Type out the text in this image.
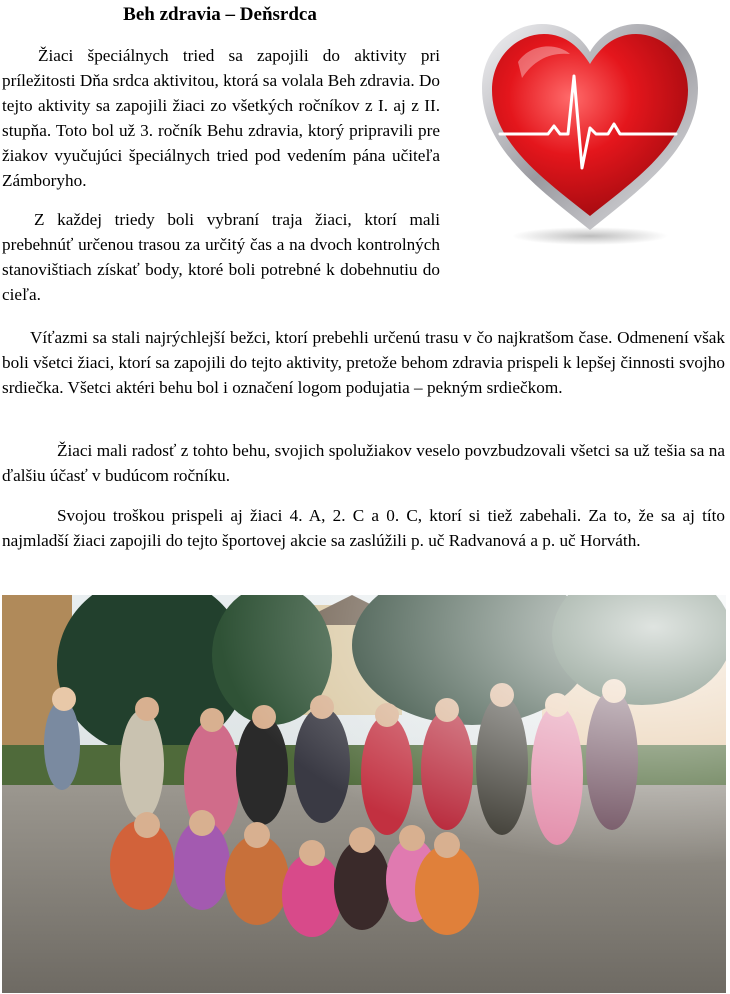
Beh zdravia – Deňsrdca

Žiaci špeciálnych tried sa zapojili do aktivity pri príležitosti Dňa srdca aktivitou, ktorá sa volala Beh zdravia. Do tejto aktivity sa zapojili žiaci zo všetkých ročníkov z I. aj z II. stupňa. Toto bol už 3. ročník Behu zdravia, ktorý pripravili pre žiakov vyučujúci špeciálnych tried pod vedením pána učiteľa Zámboryho.

Z každej triedy boli vybraní traja žiaci, ktorí mali prebehnúť určenou trasou za určitý čas a na dvoch kontrolných stanovištiach získať body, ktoré boli potrebné k dobehnutiu do cieľa.

Víťazmi sa stali najrýchlejší bežci, ktorí prebehli určenú trasu v čo najkratšom čase. Odmenení však boli všetci žiaci, ktorí sa zapojili do tejto aktivity, pretože behom zdravia prispeli k lepšej činnosti svojho srdiečka. Všetci aktéri behu bol i označení logom podujatia – pekným srdiečkom.

Žiaci mali radosť z tohto behu, svojich spolužiakov veselo povzbudzovali všetci sa už tešia sa na ďalšiu účasť v budúcom ročníku.

Svojou troškou prispeli aj žiaci 4. A, 2. C a 0. C, ktorí si tiež zabehali. Za to, že sa aj títo najmladší žiaci zapojili do tejto športovej akcie sa zaslúžili p. uč Radvanová a p. uč Horváth.
